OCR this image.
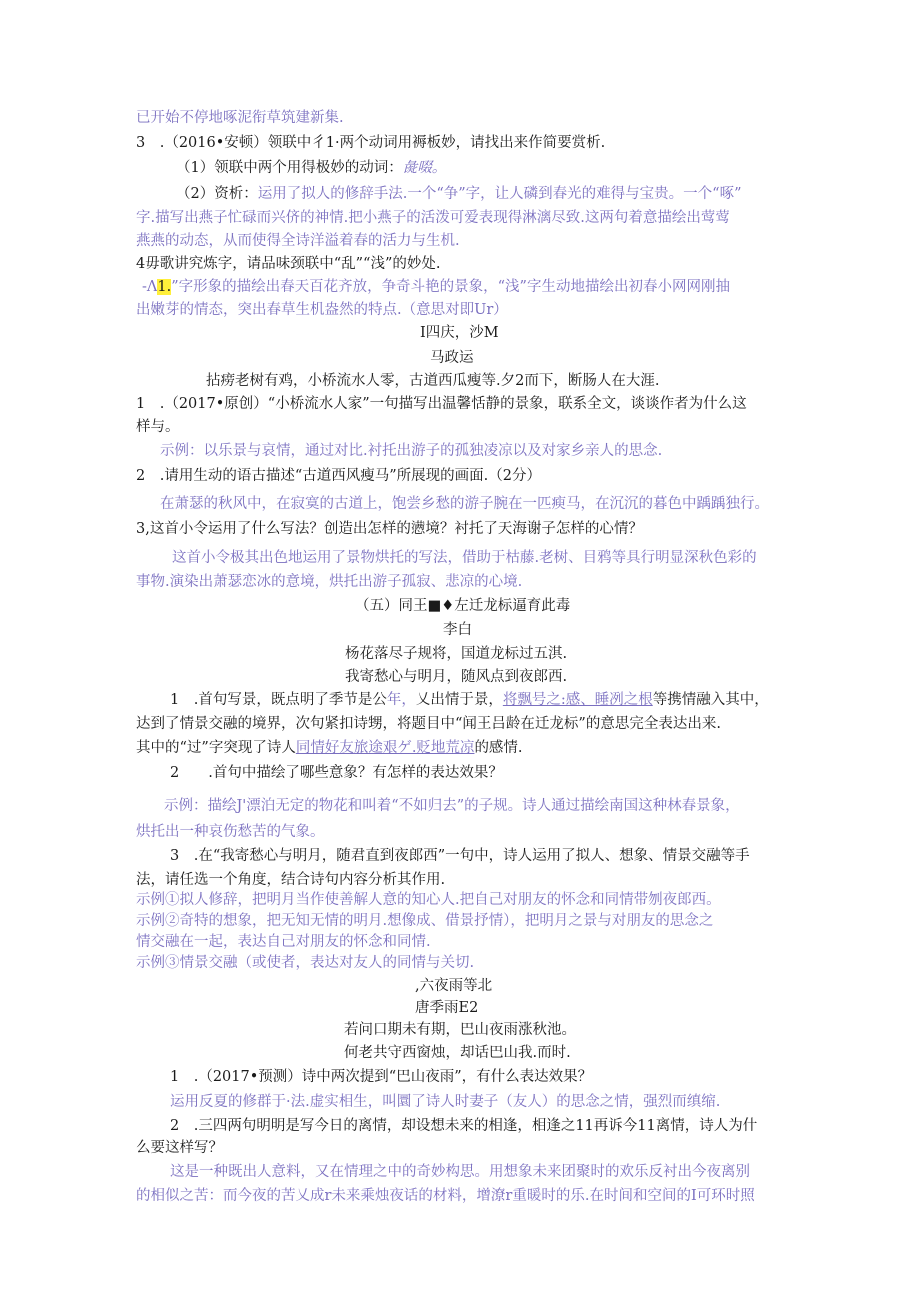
已开始不停地啄泥衔草筑建新集.
3　.（2016•安顿）领联中彳1·两个动词用褥板妙，请找出来作简要赏析.
（1）领联中两个用得极妙的动词：彘啜。
（2）资析：运用了拟人的修辞手法.一个“争”字，让人磷到春光的难得与宝贵。一个“啄”
字.描写出燕子忙碌而兴侪的神情.把小燕子的活泼可爱表现得淋漓尽致.这两句着意描绘出莺莺
燕燕的动态，从而使得全诗洋溢着春的活力与生机.
4毋歌讲究炼字，请品味颈联中“乱”“浅”的妙处.
-Λ1.”字形象的描绘出春天百花齐放，争奇斗艳的景象，“浅”字生动地描绘出初春小网网刚抽
出嫩芽的情态，突出春草生机盎然的特点.（意思对即Ur）
I四庆，沙M
马政运
拈痨老树有鸡，小桥流水人零，古道西瓜瘦等.夕2而下，断肠人在大涯.
1　.（2017•原创）“小桥流水人家”一句描写出温馨恬静的景象，联系全文，谈谈作者为什么这
样与。
示例：以乐景与哀情，通过对比.衬托出游子的孤独凌凉以及对家乡亲人的思念.
2　.请用生动的语古描述“古道西风瘦马”所展现的画面.（2分）
在萧瑟的秋风中，在寂寞的古道上，饱尝乡愁的游子腕在一匹瘐马，在沉沉的暮色中踽踽独行。
3,这首小令运用了什么写法？创造出怎样的懑境？衬托了天海谢子怎样的心情？
这首小令极其出色地运用了景物烘托的写法，借助于枯藤.老树、目鸦等具行明显深秋色彩的
事物.演染出萧瑟恋冰的意境，烘托出游子孤寂、悲凉的心境.
（五）同王■♦左迁龙标逼育此毒
李白
杨花落尽子规将，国道龙标过五淇.
我寄愁心与明月，随风点到夜郎西.
1　.首句写景，既点明了季节是公年，乂出情于景，将飘号之:感、睡冽之根等携情融入其中，
达到了情景交融的境界，次句紧扣诗甥，将题目中“闻王吕龄在迁龙标”的意思完全表达出来.
其中的“过”字突现了诗人同情好友旅途艰ゲ.贬地荒凉的感情.
2　　.首句中描绘了哪些意象？有怎样的表达效果？
示例：描绘J'漂泊无定的物花和叫着“不如归去”的子规。诗人通过描绘南国这种林春景象，
烘托出一种哀伤愁苦的气象。
3　.在“我寄愁心与明月，随君直到夜郎西”一句中，诗人运用了拟人、想象、情景交融等手
法，请任选一个角度，结合诗句内容分析其作用.
示例①拟人修辞，把明月当作使善解人意的知心人.把自己对朋友的怀念和同情带刎夜郎西。
示例②奇特的想象，把无知无情的明月.想像成、借景抒情），把明月之景与对朋友的思念之
情交融在一起，表达自己对朋友的怀念和同情.
示例③情景交融（或使者，表达对友人的同情与关切.
,六夜雨等北
唐季雨E2
若问口期未有期，巴山夜雨涨秋池。
何老共守西窗烛，却话巴山我.而时.
1　.（2017•预测）诗中两次提到“巴山夜雨”，有什么表达效果？
运用反夏的修群于·法.虚实相生，叫圜了诗人时妻子（友人）的思念之情，强烈而缜缩.
2　.三四两句明明是写今日的离情，却设想未来的相逢，相逢之11再诉今11离情，诗人为什
么要这样写？
这是一种既出人意料，又在情理之中的奇妙构思。用想象未来团聚时的欢乐反衬出今夜离别
的相似之苦：而今夜的苦乂成r未来乘烛夜话的材料，增潦r重暖时的乐.在时间和空间的I可环时照
